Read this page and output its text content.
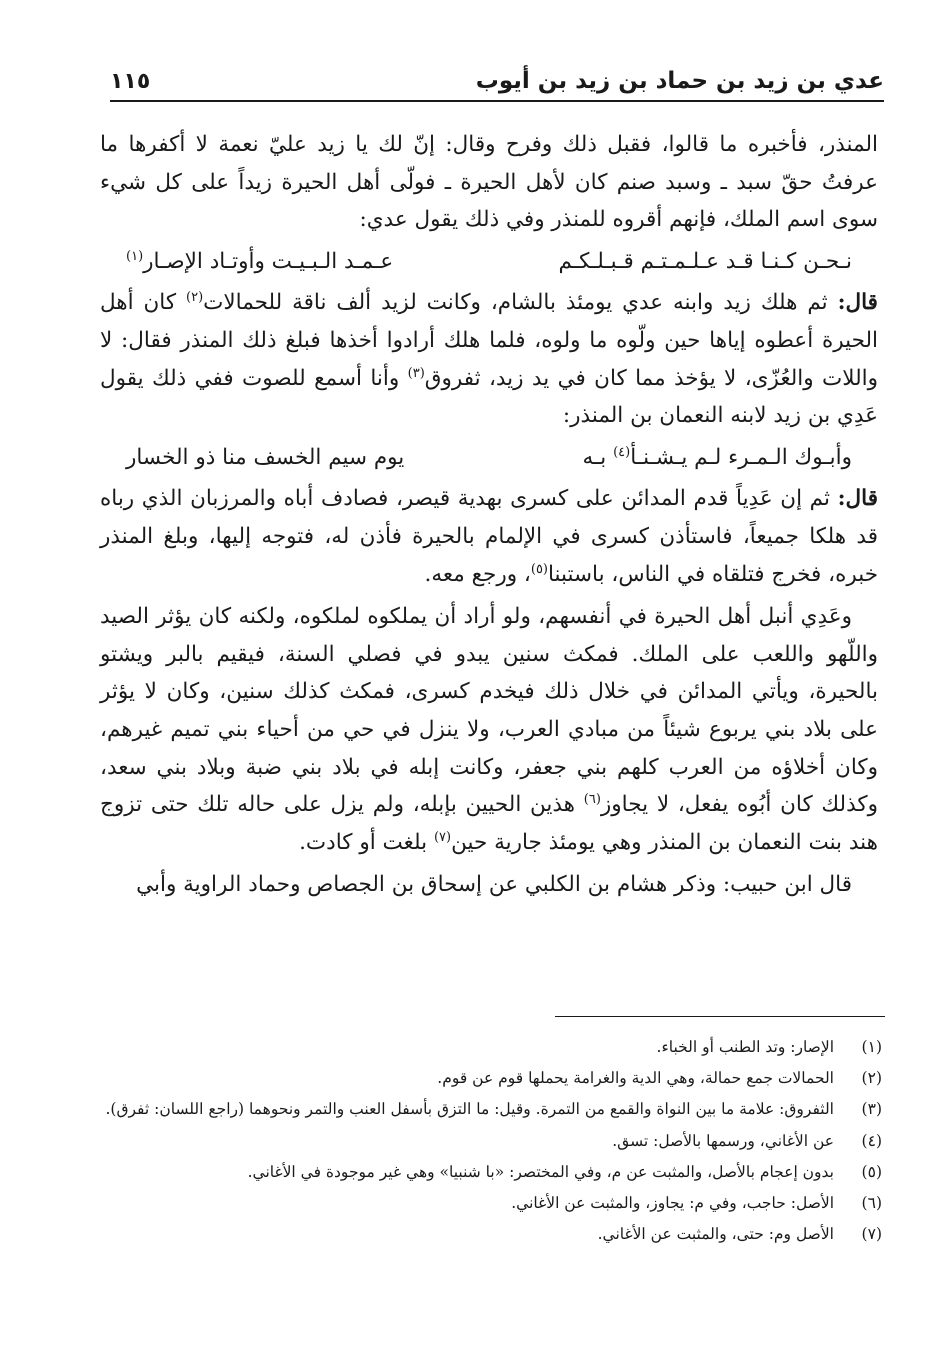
عدي بن زيد بن حماد بن زيد بن أيوب
١١٥

المنذر، فأخبره ما قالوا، فقبل ذلك وفرح وقال: إنّ لك يا زيد عليّ نعمة لا أكفرها ما عرفتُ حقّ سبد ـ وسبد صنم كان لأهل الحيرة ـ فولّى أهل الحيرة زيداً على كل شيء سوى اسم الملك، فإنهم أقروه للمنذر وفي ذلك يقول عدي:

نـحـن كـنـا قـد عـلـمـتـم قـبـلـكـم
عـمـد الـبـيـت وأوتـاد الإصـار$^{(١)}$

قال: ثم هلك زيد وابنه عدي يومئذ بالشام، وكانت لزيد ألف ناقة للحمالات$^{(٢)}$ كان أهل الحيرة أعطوه إياها حين ولّوه ما ولوه، فلما هلك أرادوا أخذها فبلغ ذلك المنذر فقال: لا واللات والعُزّى، لا يؤخذ مما كان في يد زيد، ثفروق$^{(٣)}$ وأنا أسمع للصوت ففي ذلك يقول عَدِي بن زيد لابنه النعمان بن المنذر:

وأبـوك الـمـرء لـم يـشـنـأ$^{(٤)}$ بـه
يوم سيم الخسف منا ذو الخسار

قال: ثم إن عَدِياً قدم المدائن على كسرى بهدية قيصر، فصادف أباه والمرزبان الذي رباه قد هلكا جميعاً، فاستأذن كسرى في الإلمام بالحيرة فأذن له، فتوجه إليها، وبلغ المنذر خبره، فخرج فتلقاه في الناس، باستبنا$^{(٥)}$، ورجع معه.

وعَدِي أنبل أهل الحيرة في أنفسهم، ولو أراد أن يملكوه لملكوه، ولكنه كان يؤثر الصيد واللّهو واللعب على الملك. فمكث سنين يبدو في فصلي السنة، فيقيم بالبر ويشتو بالحيرة، ويأتي المدائن في خلال ذلك فيخدم كسرى، فمكث كذلك سنين، وكان لا يؤثر على بلاد بني يربوع شيئاً من مبادي العرب، ولا ينزل في حي من أحياء بني تميم غيرهم، وكان أخلاؤه من العرب كلهم بني جعفر، وكانت إبله في بلاد بني ضبة وبلاد بني سعد، وكذلك كان أبُوه يفعل، لا يجاوز$^{(٦)}$ هذين الحيين بإبله، ولم يزل على حاله تلك حتى تزوج هند بنت النعمان بن المنذر وهي يومئذ جارية حين$^{(٧)}$ بلغت أو كادت.

قال ابن حبيب: وذكر هشام بن الكلبي عن إسحاق بن الجصاص وحماد الراوية وأبي

(١)
الإصار: وتد الطنب أو الخباء.
(٢)
الحمالات جمع حمالة، وهي الدية والغرامة يحملها قوم عن قوم.
(٣)
الثفروق: علامة ما بين النواة والقمع من التمرة. وقيل: ما التزق بأسفل العنب والتمر ونحوهما (راجع اللسان: ثفرق).
(٤)
عن الأغاني، ورسمها بالأصل: تسق.
(٥)
بدون إعجام بالأصل، والمثبت عن م، وفي المختصر: «با شنبيا» وهي غير موجودة في الأغاني.
(٦)
الأصل: حاجب، وفي م: يجاوز، والمثبت عن الأغاني.
(٧)
الأصل وم: حتى، والمثبت عن الأغاني.
